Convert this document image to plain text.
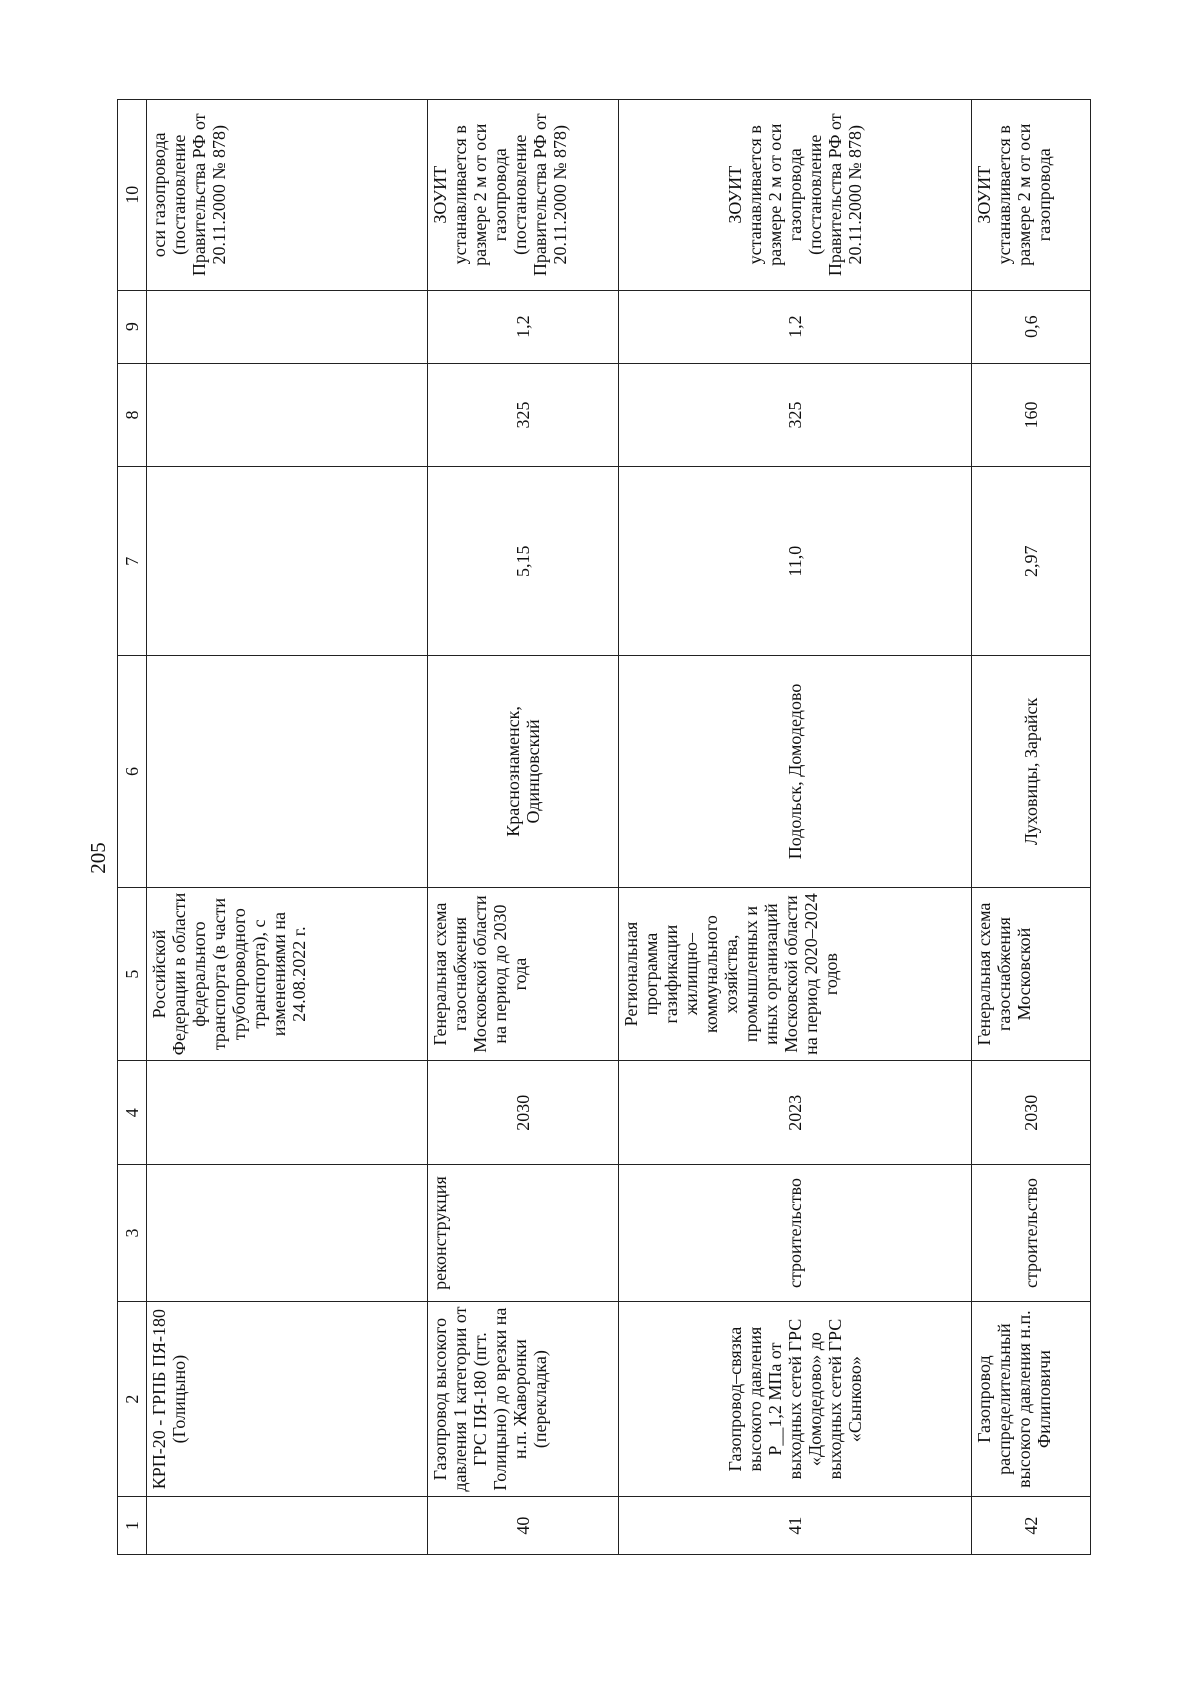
205
1	2	3	4	5	6	7	8	9	10
	КРП-20 - ГРПБ ПЯ-180 (Голицыно)			Российской Федерации в области федерального транспорта (в части трубопроводного транспорта), с изменениями на 24.08.2022 г.					оси газопровода (постановление Правительства РФ от 20.11.2000 № 878)
40	Газопровод высокого давления 1 категории от ГРС ПЯ-180 (пгт. Голицыно) до врезки на н.п. Жаворонки (перекладка)	реконструкция	2030	Генеральная схема газоснабжения Московской области на период до 2030 года	Краснознаменск, Одинцовский	5,15	325	1,2	ЗОУИТ устанавливается в размере 2 м от оси газопровода (постановление Правительства РФ от 20.11.2000 № 878)
41	Газопровод–связка высокого давления Р__1,2 МПа от выходных сетей ГРС «Домодедово» до выходных сетей ГРС «Сынково»	строительство	2023	Региональная программа газификации жилищно–коммунального хозяйства, промышленных и иных организаций Московской области на период 2020–2024 годов	Подольск, Домодедово	11,0	325	1,2	ЗОУИТ устанавливается в размере 2 м от оси газопровода (постановление Правительства РФ от 20.11.2000 № 878)
42	Газопровод распределительный высокого давления н.п. Филиповичи	строительство	2030	Генеральная схема газоснабжения Московской	Луховицы, Зарайск	2,97	160	0,6	ЗОУИТ устанавливается в размере 2 м от оси газопровода
